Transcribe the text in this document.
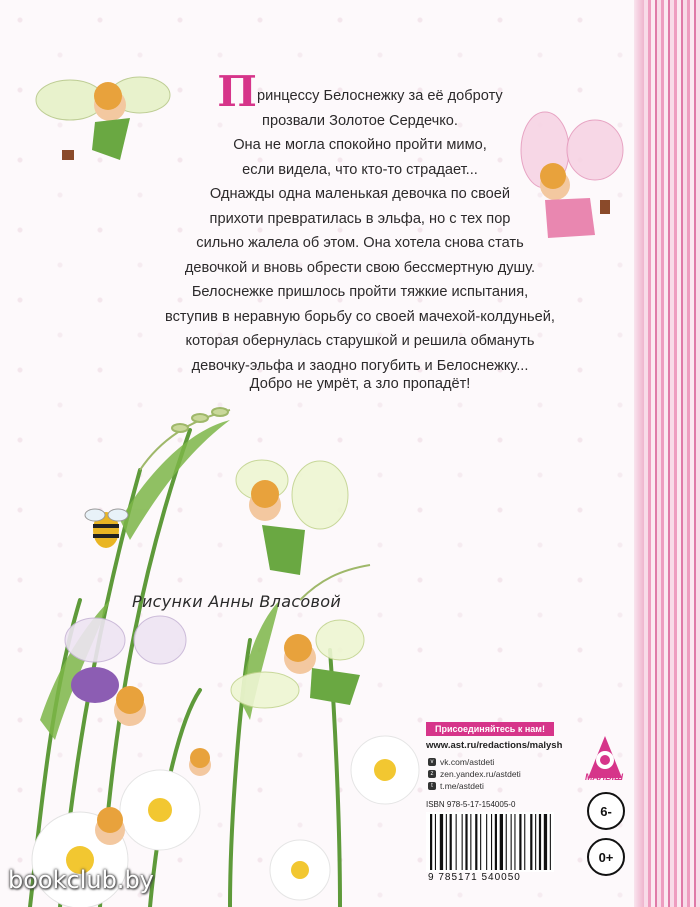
Принцессу Белоснежку за её доброту
прозвали Золотое Сердечко.
Она не могла спокойно пройти мимо,
если видела, что кто-то страдает...
Однажды одна маленькая девочка по своей
прихоти превратилась в эльфа, но с тех пор
сильно жалела об этом. Она хотела снова стать
девочкой и вновь обрести свою бессмертную душу.
Белоснежке пришлось пройти тяжкие испытания,
вступив в неравную борьбу со своей мачехой-колдуньей,
которая обернулась старушкой и решила обмануть
девочку-эльфа и заодно погубить и Белоснежку...
Добро не умрёт, а зло пропадёт!
Рисунки Анны Власовой
Присоединяйтесь к нам!
www.ast.ru/redactions/malysh
v vk.com/astdeti
z zen.yandex.ru/astdeti
t t.me/astdeti
ISBN 978-5-17-154005-0
9 785171 540050
МАЛЫШ
6-
0+
bookclub.by
